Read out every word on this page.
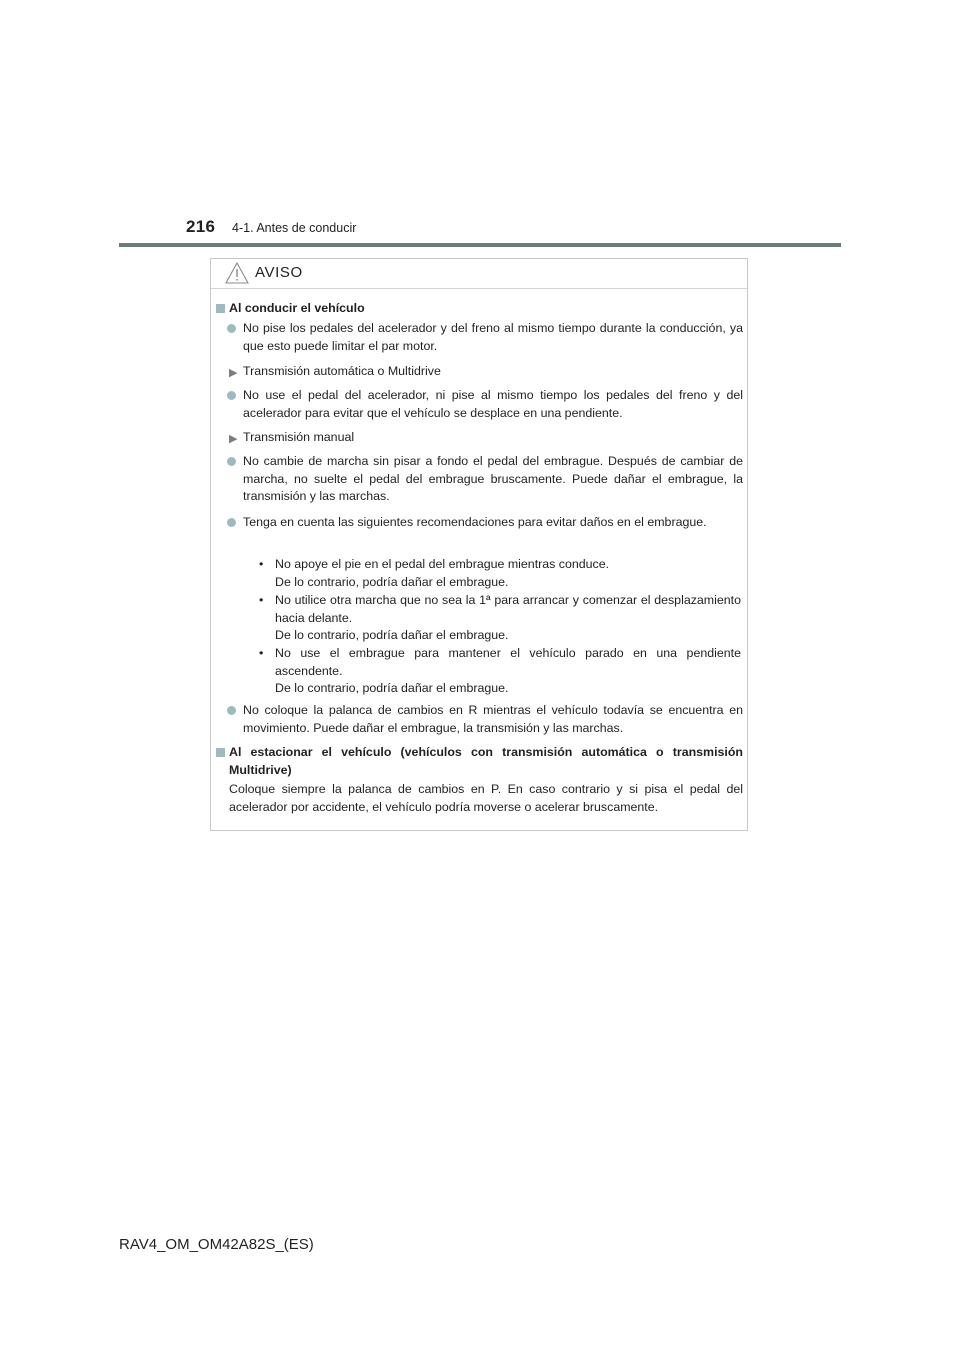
216 4-1. Antes de conducir
AVISO
Al conducir el vehículo
No pise los pedales del acelerador y del freno al mismo tiempo durante la conducción, ya que esto puede limitar el par motor.
▶ Transmisión automática o Multidrive
No use el pedal del acelerador, ni pise al mismo tiempo los pedales del freno y del acelerador para evitar que el vehículo se desplace en una pendiente.
▶ Transmisión manual
No cambie de marcha sin pisar a fondo el pedal del embrague. Después de cambiar de marcha, no suelte el pedal del embrague bruscamente. Puede dañar el embrague, la transmisión y las marchas.
Tenga en cuenta las siguientes recomendaciones para evitar daños en el embrague.
• No apoye el pie en el pedal del embrague mientras conduce.
De lo contrario, podría dañar el embrague.
• No utilice otra marcha que no sea la 1ª para arrancar y comenzar el desplazamiento hacia delante.
De lo contrario, podría dañar el embrague.
• No use el embrague para mantener el vehículo parado en una pendiente ascendente.
De lo contrario, podría dañar el embrague.
No coloque la palanca de cambios en R mientras el vehículo todavía se encuentra en movimiento. Puede dañar el embrague, la transmisión y las marchas.
Al estacionar el vehículo (vehículos con transmisión automática o transmisión Multidrive)
Coloque siempre la palanca de cambios en P. En caso contrario y si pisa el pedal del acelerador por accidente, el vehículo podría moverse o acelerar bruscamente.
RAV4_OM_OM42A82S_(ES)
